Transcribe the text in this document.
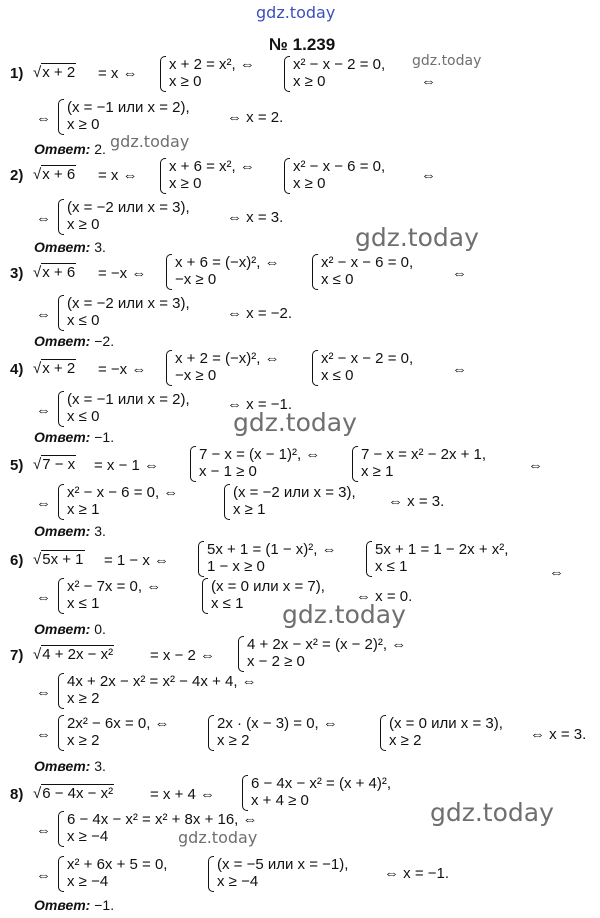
gdz.today
№ 1.239
gdz.today
gdz.today
gdz.today
gdz.today
gdz.today
gdz.today
gdz.today
1) √x + 2 = x ⇔
x + 2 = x², ⇔
x ≥ 0
x² − x − 2 = 0,
x ≥ 0	⇔
⇔
(x = −1 или x = 2),
x ≥ 0	⇔ x = 2.
Ответ: 2.
2) √x + 6 = x ⇔
x + 6 = x², ⇔
x ≥ 0
x² − x − 6 = 0,
x ≥ 0	⇔
⇔
(x = −2 или x = 3),
x ≥ 0	⇔ x = 3.
Ответ: 3.
3) √x + 6 = −x ⇔
x + 6 = (−x)², ⇔
−x ≥ 0
x² − x − 6 = 0,
x ≤ 0	⇔
⇔
(x = −2 или x = 3),
x ≤ 0	⇔ x = −2.
Ответ: −2.
4) √x + 2 = −x ⇔
x + 2 = (−x)², ⇔
−x ≥ 0
x² − x − 2 = 0,
x ≤ 0	⇔
⇔
(x = −1 или x = 2),
x ≤ 0
⇔ x = −1.
Ответ: −1.
5) √7 − x = x − 1 ⇔
7 − x = (x − 1)², ⇔
x − 1 ≥ 0
7 − x = x² − 2x + 1,
x ≥ 1	⇔
⇔
x² − x − 6 = 0, ⇔
x ≥ 1
(x = −2 или x = 3),
x ≥ 1	⇔ x = 3.
Ответ: 3.
6) √5x + 1 = 1 − x ⇔
5x + 1 = (1 − x)², ⇔
1 − x ≥ 0
5x + 1 = 1 − 2x + x²,
x ≤ 1	⇔
⇔
x² − 7x = 0, ⇔
x ≤ 1
(x = 0 или x = 7),
x ≤ 1	⇔ x = 0.
Ответ: 0.
7) √4 + 2x − x² = x − 2 ⇔
4 + 2x − x² = (x − 2)², ⇔
x − 2 ≥ 0
⇔
4x + 2x − x² = x² − 4x + 4, ⇔
x ≥ 2
⇔
2x² − 6x = 0, ⇔
x ≥ 2
2x · (x − 3) = 0, ⇔
x ≥ 2
(x = 0 или x = 3),
x ≥ 2	⇔ x = 3.
Ответ: 3.
8) √6 − 4x − x² = x + 4 ⇔
6 − 4x − x² = (x + 4)²,
x + 4 ≥ 0
⇔
6 − 4x − x² = x² + 8x + 16, ⇔
x ≥ −4
⇔
x² + 6x + 5 = 0,
x ≥ −4
(x = −5 или x = −1),
x ≥ −4	⇔ x = −1.
Ответ: −1.
